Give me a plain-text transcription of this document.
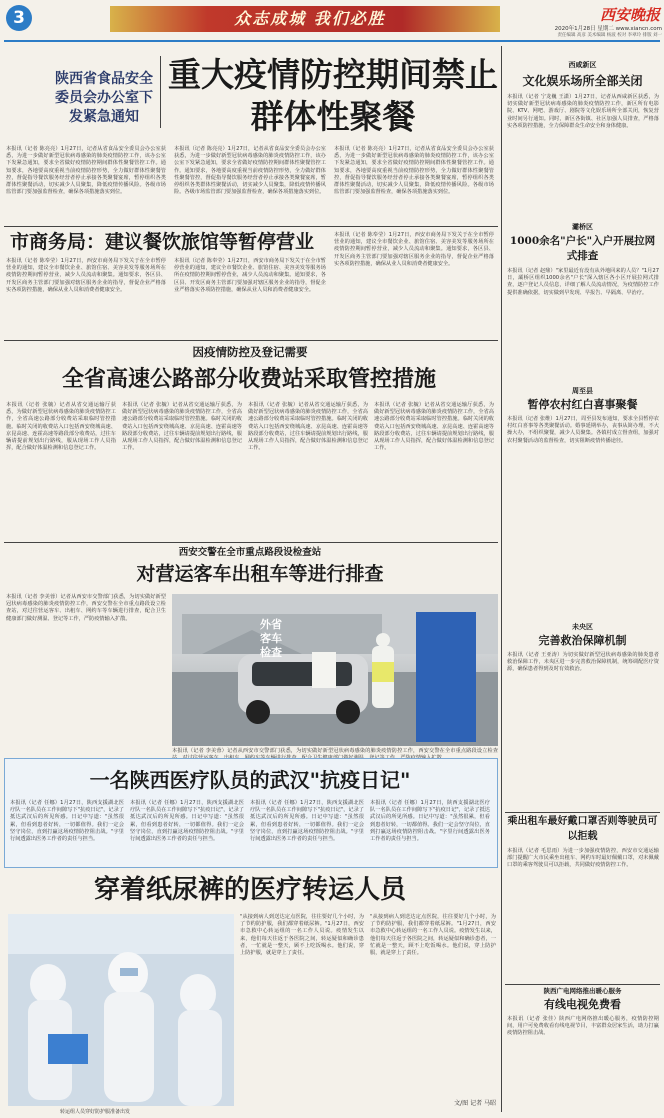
3	众志成城 我们必胜	西安晚报
2020年1月28日 星期二 www.xiancn.com
责任编辑 高彦 美术编辑 杨波 校对 李翠玲 排版 刘一
陕西省食品安全委员会办公室下发紧急通知
重大疫情防控期间禁止群体性聚餐
本报讯（记者 陈亮亮）1月27日，记者从省食品安全委员会办公室获悉，为进一步做好新型冠状病毒感染的肺炎疫情防控工作，该办公室下发紧急通知，要求全省做好疫情防控期间群体性聚餐管控工作。通知要求，各地要高度重视当前疫情防控形势，全力做好群体性聚餐管控，督促指导餐饮服务经营者停止承接各类聚餐宴席，暂停组织各类群体性聚餐活动，切实减少人员聚集，降低疫情传播风险。各级市场监管部门要加强监督检查，确保各项措施落实到位。
本报讯（记者 陈亮亮）1月27日，记者从省食品安全委员会办公室获悉，为进一步做好新型冠状病毒感染的肺炎疫情防控工作，该办公室下发紧急通知，要求全省做好疫情防控期间群体性聚餐管控工作。通知要求，各地要高度重视当前疫情防控形势，全力做好群体性聚餐管控，督促指导餐饮服务经营者停止承接各类聚餐宴席，暂停组织各类群体性聚餐活动，切实减少人员聚集，降低疫情传播风险。各级市场监管部门要加强监督检查，确保各项措施落实到位。
本报讯（记者 陈亮亮）1月27日，记者从省食品安全委员会办公室获悉，为进一步做好新型冠状病毒感染的肺炎疫情防控工作，该办公室下发紧急通知，要求全省做好疫情防控期间群体性聚餐管控工作。通知要求，各地要高度重视当前疫情防控形势，全力做好群体性聚餐管控，督促指导餐饮服务经营者停止承接各类聚餐宴席，暂停组织各类群体性聚餐活动，切实减少人员聚集，降低疫情传播风险。各级市场监管部门要加强监督检查，确保各项措施落实到位。
市商务局：建议餐饮旅馆等暂停营业
本报讯（记者 陈奉莹）1月27日，西安市商务局下发关于在全市暂停营业的通知，建议全市餐饮企业、旅馆住宿、美容美发等服务场所在疫情防控期间暂停营业，减少人员流动和聚集。通知要求，各区县、开发区商务主管部门要加强对辖区服务企业的指导，督促企业严格落实各项防控措施，确保从业人员和消费者健康安全。
本报讯（记者 陈奉莹）1月27日，西安市商务局下发关于在全市暂停营业的通知，建议全市餐饮企业、旅馆住宿、美容美发等服务场所在疫情防控期间暂停营业，减少人员流动和聚集。通知要求，各区县、开发区商务主管部门要加强对辖区服务企业的指导，督促企业严格落实各项防控措施，确保从业人员和消费者健康安全。
本报讯（记者 陈奉莹）1月27日，西安市商务局下发关于在全市暂停营业的通知，建议全市餐饮企业、旅馆住宿、美容美发等服务场所在疫情防控期间暂停营业，减少人员流动和聚集。通知要求，各区县、开发区商务主管部门要加强对辖区服务企业的指导，督促企业严格落实各项防控措施，确保从业人员和消费者健康安全。
因疫情防控及登记需要
全省高速公路部分收费站采取管控措施
本报讯（记者 张毓）记者从省交通运输厅获悉，为做好新型冠状病毒感染的肺炎疫情防控工作，全省高速公路部分收费站采取临时管控措施。临时关闭的收费站入口包括西安绕城高速、京昆高速、连霍高速等路段部分收费站，过往车辆请提前规划出行路线，服从现场工作人员指挥，配合做好体温检测和信息登记工作。
本报讯（记者 张毓）记者从省交通运输厅获悉，为做好新型冠状病毒感染的肺炎疫情防控工作，全省高速公路部分收费站采取临时管控措施。临时关闭的收费站入口包括西安绕城高速、京昆高速、连霍高速等路段部分收费站，过往车辆请提前规划出行路线，服从现场工作人员指挥，配合做好体温检测和信息登记工作。
本报讯（记者 张毓）记者从省交通运输厅获悉，为做好新型冠状病毒感染的肺炎疫情防控工作，全省高速公路部分收费站采取临时管控措施。临时关闭的收费站入口包括西安绕城高速、京昆高速、连霍高速等路段部分收费站，过往车辆请提前规划出行路线，服从现场工作人员指挥，配合做好体温检测和信息登记工作。
本报讯（记者 张毓）记者从省交通运输厅获悉，为做好新型冠状病毒感染的肺炎疫情防控工作，全省高速公路部分收费站采取临时管控措施。临时关闭的收费站入口包括西安绕城高速、京昆高速、连霍高速等路段部分收费站，过往车辆请提前规划出行路线，服从现场工作人员指挥，配合做好体温检测和信息登记工作。
西安交警在全市重点路段设检查站
对营运客车出租车等进行排查
本报讯（记者 李美蓉）记者从西安市交警部门获悉，为切实做好新型冠状病毒感染的肺炎疫情防控工作，西安交警在全市重点路段设立检查站，对过往营运客车、出租车、网约车等车辆进行排查，配合卫生健康部门做好测温、登记等工作，严防疫情输入扩散。	外省客车检查
本报讯（记者 李美蓉）记者从西安市交警部门获悉，为切实做好新型冠状病毒感染的肺炎疫情防控工作，西安交警在全市重点路段设立检查
一名陕西医疗队员的武汉"抗疫日记"
本报讯（记者 任娜）1月27日，陕西支援湖北医疗队一名队员在工作间隙写下"抗疫日记"，记录了抵达武汉后的所见所感。日记中写道："虽然很累，但看到患者好转，一切都值得。我们一定会坚守岗位，直到打赢这场疫情防控阻击战。"字里行间透露出医务工作者的责任与担当。
本报讯（记者 任娜）1月27日，陕西支援湖北医疗队一名队员在工作间隙写下"抗疫日记"，记录了抵达武汉后的所见所感。日记中写道："虽然很累，但看到患者好转，一切都值得。我们一定会坚守岗位，直到打赢这场疫情防控阻击战。"字里行间透露出医务工作者的责任与担当。
本报讯（记者 任娜）1月27日，陕西支援湖北医疗队一名队员在工作间隙写下"抗疫日记"，记录了抵达武汉后的所见所感。日记中写道："虽然很累，但看到患者好转，一切都值得。我们一定会坚守岗位，直到打赢这场疫情防控阻击战。"字里行间透露出医务工作者的责任与担当。
本报讯（记者 任娜）1月27日，陕西支援湖北医疗队一名队员在工作间隙写下"抗疫日记"，记录了抵达武汉后的所见所感。日记中写道："虽然很累，但看到患者好转，一切都值得。我们一定会坚守岗位，直到打赢这场疫情防控阻击战。"字里行间透露出医务工作者的责任与担当。
穿着纸尿裤的医疗转运人员
转运组人员穿好防护服准备出发
"从接到病人到送达定点医院，往往要好几个小时，为了节约防护服，我们都穿着纸尿裤。"1月27日，西安市急救中心转运组的一名工作人员说。疫情发生以来，他们每天往返于各医院之间，转运疑似和确诊患者，一忙就是一整天，顾不上吃饭喝水。他们说，穿上防护服，就是穿上了责任。
"从接到病人到送达定点医院，往往要好几个小时，为了节约防护服，我们都穿着纸尿裤。"1月27日，西安市急救中心转运组的一名工作人员说。疫情发生以来，他们每天往返于各医院之间，转运疑似和确诊患者，一忙就是一整天，顾不上吃饭喝水。他们说，穿上防护服，就是穿上了责任。
文/图 记者 马昭
西咸新区
文化娱乐场所全部关闭
本报讯（记者 宁龙巍 王潇）1月27日，记者从西咸新区获悉，为切实做好新型冠状病毒感染的肺炎疫情防控工作，新区所有电影院、KTV、网吧、游戏厅、剧院等文化娱乐场所全部关闭，恢复营业时间另行通知。同时，新区各街镇、社区加强人员排查，严格落实各项防控措施，全力保障群众生命安全和身体健康。
灞桥区
1000余名"户长"入户开展拉网式排查
本报讯（记者 赵鼎）"家里最近有没有从外地回来的人员？"1月27日，灞桥区组织1000余名"户长"深入辖区各小区开展拉网式排查，逐户登记人员信息，详细了解人员流动情况，为疫情防控工作提供准确依据，切实做到早发现、早报告、早隔离、早治疗。
周至县
暂停农村红白喜事聚餐
本报讯（记者 张维）1月27日，周至县发布通知，要求全县暂停农村红白喜事等各类聚餐活动。婚事延期举办，丧事从简办理，不大操大办，不组织聚餐，减少人员聚集。各镇村成立督查组，加强对农村聚餐活动的监督检查，切实阻断疫情传播途径。
未央区
完善救治保障机制
本报讯（记者 王亚涛）为切实做好新型冠状病毒感染的肺炎患者救治保障工作，未央区进一步完善救治保障机制，统筹调配医疗资源，确保患者得到及时有效救治。
乘出租车最好戴口罩否则等驶员可以拒载
本报讯（记者 毛思雨）为进一步加强疫情防控，西安市交通运输部门提醒广大市民乘坐出租车、网约车时最好佩戴口罩，对未佩戴口罩的乘客驾驶员可以拒载，共同做好疫情防控工作。
陕西广电网络推出暖心服务
有线电视免费看
本报讯（记者 张佳）陕西广电网络推出暖心服务，疫情防控期间，用户可免费收看有线电视节目，丰富群众居家生活，助力打赢疫情防控阻击战。
